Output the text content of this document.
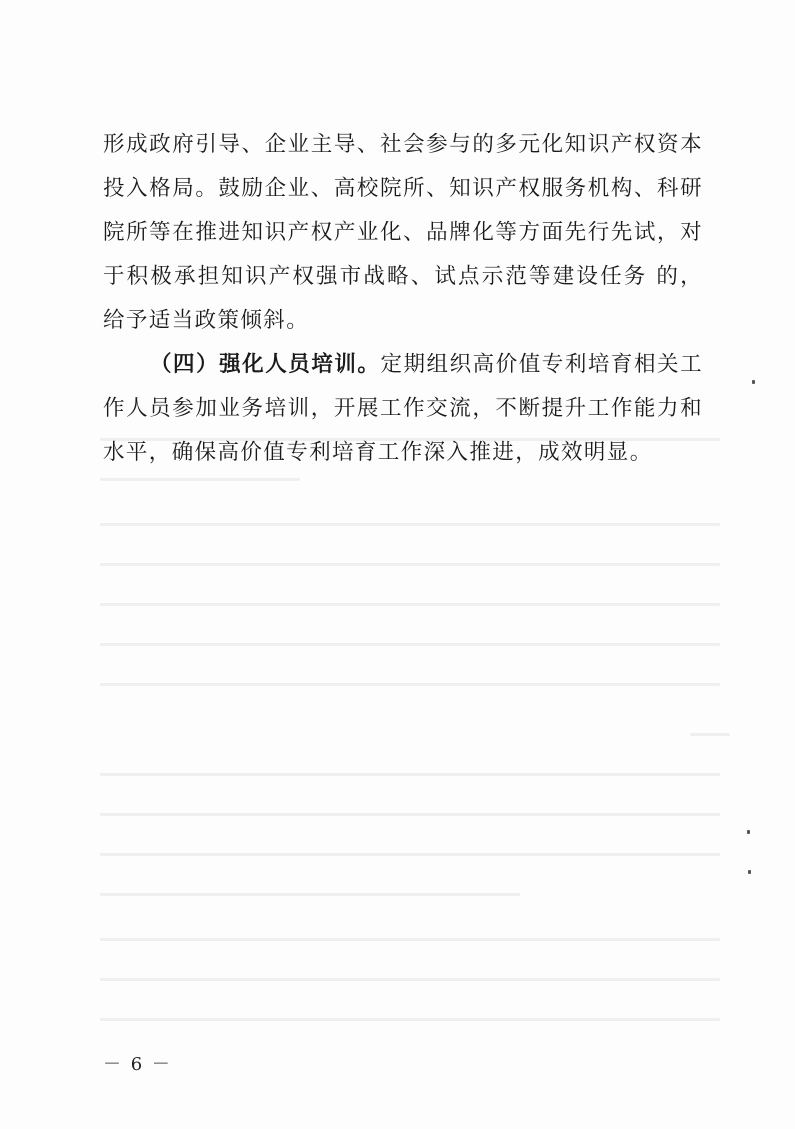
形成政府引导、企业主导、社会参与的多元化知识产权资本投入格局。鼓励企业、高校院所、知识产权服务机构、科研院所等在推进知识产权产业化、品牌化等方面先行先试，对于积极承担知识产权强市战略、试点示范等建设任务 的，给予适当政策倾斜。

（四）强化人员培训。定期组织高价值专利培育相关工作人员参加业务培训，开展工作交流，不断提升工作能力和水平，确保高价值专利培育工作深入推进，成效明显。

－ 6 －
